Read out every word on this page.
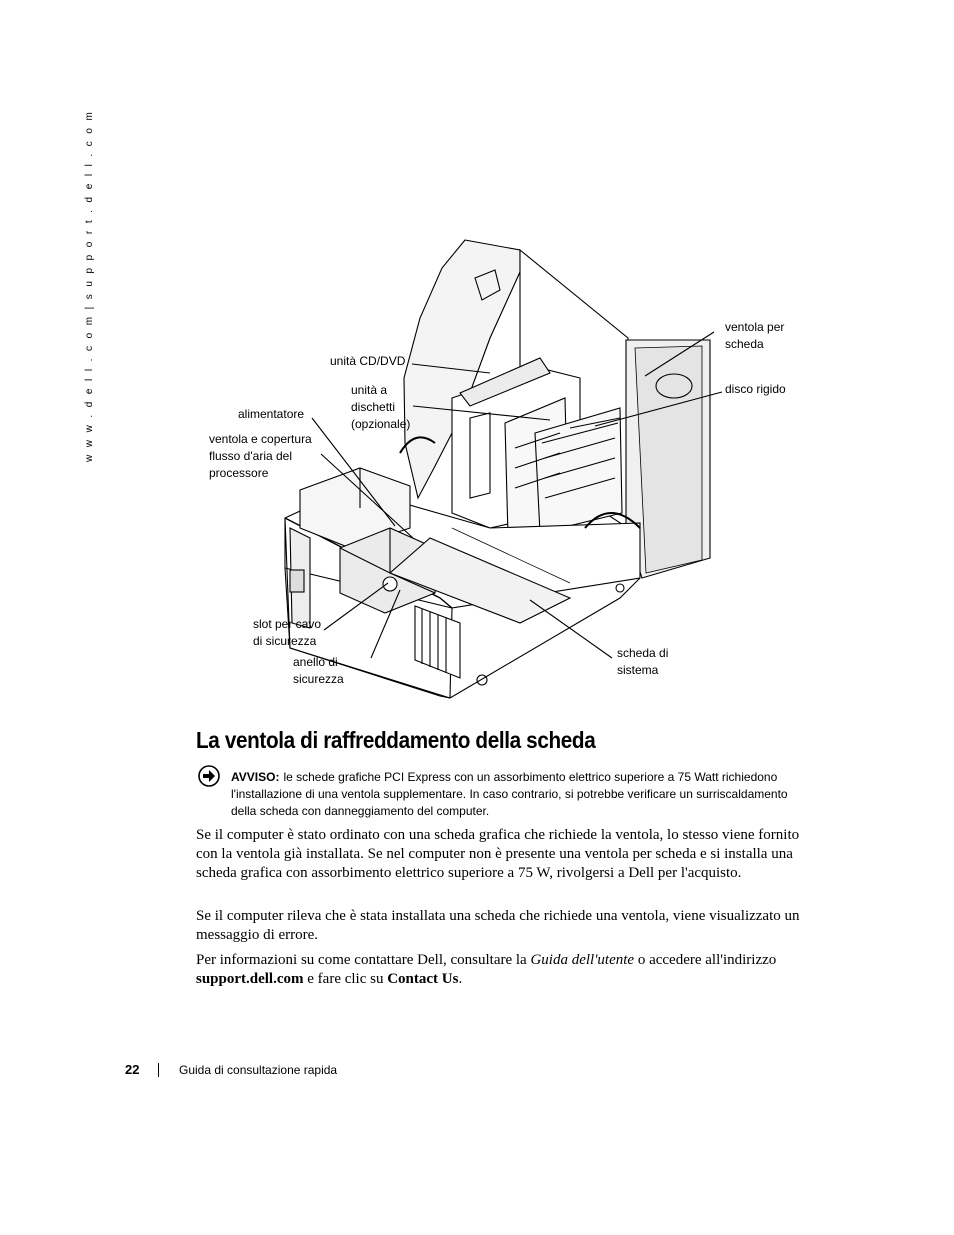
w w w . d e l l . c o m | s u p p o r t . d e l l . c o m	unità CD/DVD
unità a
dischetti
(opzionale)
alimentatore
ventola e copertura
flusso d'aria del
processore
ventola per
scheda
disco rigido
slot per cavo
di sicurezza
anello di
sicurezza
scheda di
sistema
La ventola di raffreddamento della scheda
AVVISO: le schede grafiche PCI Express con un assorbimento elettrico superiore a 75 Watt richiedono l'installazione di una ventola supplementare. In caso contrario, si potrebbe verificare un surriscaldamento della scheda con danneggiamento del computer.

Se il computer è stato ordinato con una scheda grafica che richiede la ventola, lo stesso viene fornito con la ventola già installata. Se nel computer non è presente una ventola per scheda e si installa una scheda grafica con assorbimento elettrico superiore a 75 W, rivolgersi a Dell per l'acquisto.

Se il computer rileva che è stata installata una scheda che richiede una ventola, viene visualizzato un messaggio di errore.

Per informazioni su come contattare Dell, consultare la Guida dell'utente o accedere all'indirizzo support.dell.com e fare clic su Contact Us.

22	Guida di consultazione rapida
